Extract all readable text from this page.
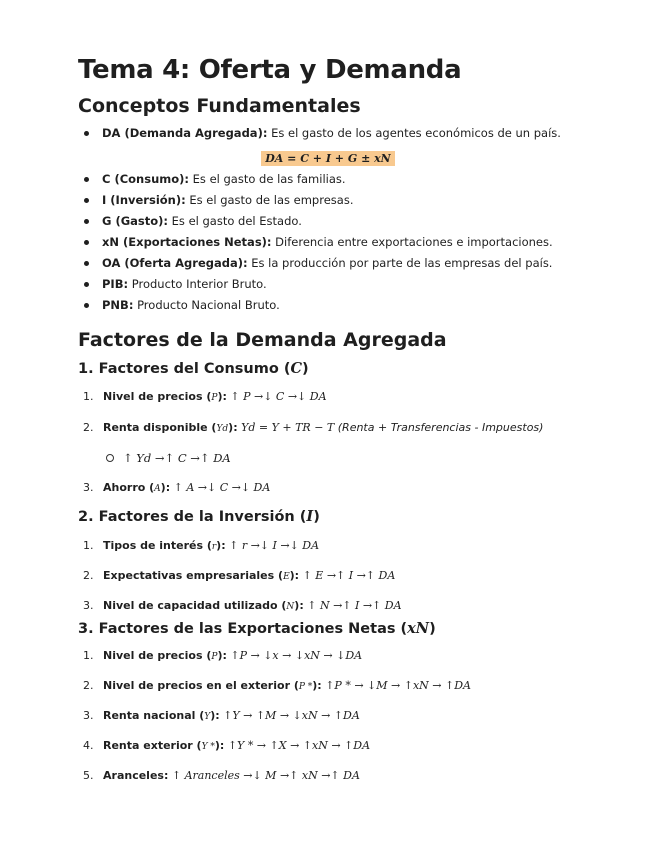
Tema 4: Oferta y Demanda
Conceptos Fundamentales
DA (Demanda Agregada): Es el gasto de los agentes económicos de un país.
DA = C + I + G ± xN
C (Consumo): Es el gasto de las familias.
I (Inversión): Es el gasto de las empresas.
G (Gasto): Es el gasto del Estado.
xN (Exportaciones Netas): Diferencia entre exportaciones e importaciones.
OA (Oferta Agregada): Es la producción por parte de las empresas del país.
PIB: Producto Interior Bruto.
PNB: Producto Nacional Bruto.
Factores de la Demanda Agregada
1. Factores del Consumo (C)
1. Nivel de precios (P): ↑ P →↓ C →↓ DA
2. Renta disponible (Yd): Yd = Y + TR − T (Renta + Transferencias - Impuestos)
↑ Yd →↑ C →↑ DA
3. Ahorro (A): ↑ A →↓ C →↓ DA
2. Factores de la Inversión (I)
1. Tipos de interés (r): ↑ r →↓ I →↓ DA
2. Expectativas empresariales (E): ↑ E →↑ I →↑ DA
3. Nivel de capacidad utilizado (N): ↑ N →↑ I →↑ DA
3. Factores de las Exportaciones Netas (xN)
1. Nivel de precios (P): ↑P → ↓x → ↓xN → ↓DA
2. Nivel de precios en el exterior (P *): ↑P * → ↓M → ↑xN → ↑DA
3. Renta nacional (Y): ↑Y → ↑M → ↓xN → ↑DA
4. Renta exterior (Y *): ↑Y * → ↑X → ↑xN → ↑DA
5. Aranceles: ↑ Aranceles →↓ M →↑ xN →↑ DA
